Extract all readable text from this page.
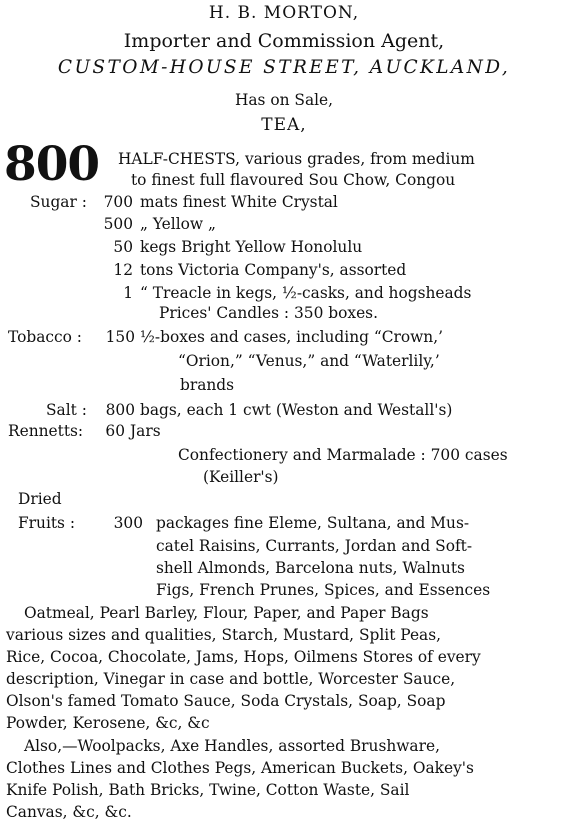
H. B. MORTON,
Importer and Commission Agent,
CUSTOM-HOUSE STREET, AUCKLAND,
Has on Sale,
TEA,
800 HALF-CHESTS, various grades, from medium
to finest full flavoured Sou Chow, Congou
Sugar :	700 mats finest White Crystal
500 „ Yellow „
50 kegs Bright Yellow Honolulu
12 tons Victoria Company's, assorted
1 “ Treacle in kegs, ½-casks, and hogsheads
Prices' Candles : 350 boxes.
Tobacco :	150 ½-boxes and cases, including “Crown,’
“Orion,” “Venus,” and “Waterlily,’
brands
Salt :	800 bags, each 1 cwt (Weston and Westall's)
Rennetts:	60 Jars
Confectionery and Marmalade : 700 cases
(Keiller's)
Dried
Fruits :	300 packages fine Eleme, Sultana, and Mus-
catel Raisins, Currants, Jordan and Soft-
shell Almonds, Barcelona nuts, Walnuts
Figs, French Prunes, Spices, and Essences
Oatmeal, Pearl Barley, Flour, Paper, and Paper Bags
various sizes and qualities, Starch, Mustard, Split Peas,
Rice, Cocoa, Chocolate, Jams, Hops, Oilmens Stores of every
description, Vinegar in case and bottle, Worcester Sauce,
Olson's famed Tomato Sauce, Soda Crystals, Soap, Soap
Powder, Kerosene, &c, &c
Also,—Woolpacks, Axe Handles, assorted Brushware,
Clothes Lines and Clothes Pegs, American Buckets, Oakey's
Knife Polish, Bath Bricks, Twine, Cotton Waste, Sail
Canvas, &c, &c.
